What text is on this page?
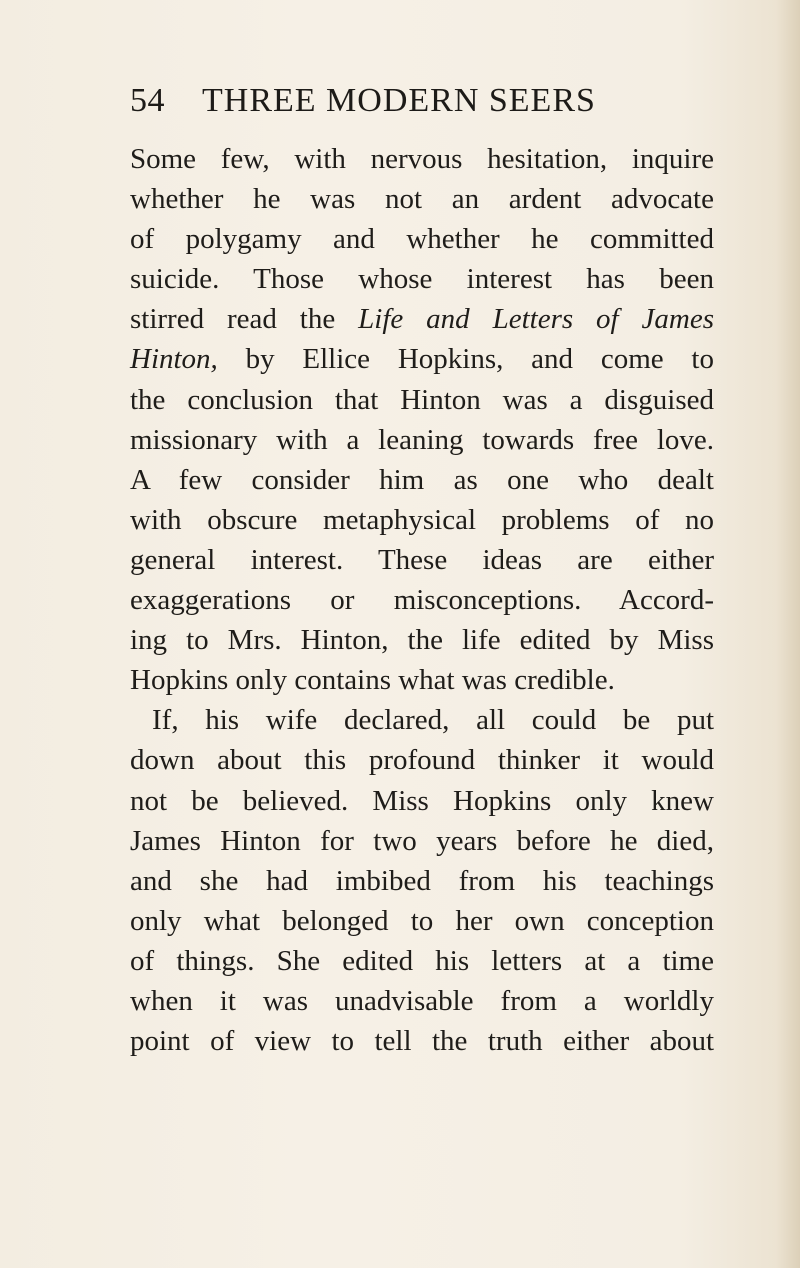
54 THREE MODERN SEERS
Some few, with nervous hesitation, inquire
whether he was not an ardent advocate
of polygamy and whether he committed
suicide. Those whose interest has been
stirred read the Life and Letters of James
Hinton, by Ellice Hopkins, and come to
the conclusion that Hinton was a disguised
missionary with a leaning towards free love.
A few consider him as one who dealt
with obscure metaphysical problems of no
general interest. These ideas are either
exaggerations or misconceptions. Accord-
ing to Mrs. Hinton, the life edited by Miss
Hopkins only contains what was credible.
If, his wife declared, all could be put
down about this profound thinker it would
not be believed. Miss Hopkins only knew
James Hinton for two years before he died,
and she had imbibed from his teachings
only what belonged to her own conception
of things. She edited his letters at a time
when it was unadvisable from a worldly
point of view to tell the truth either about
